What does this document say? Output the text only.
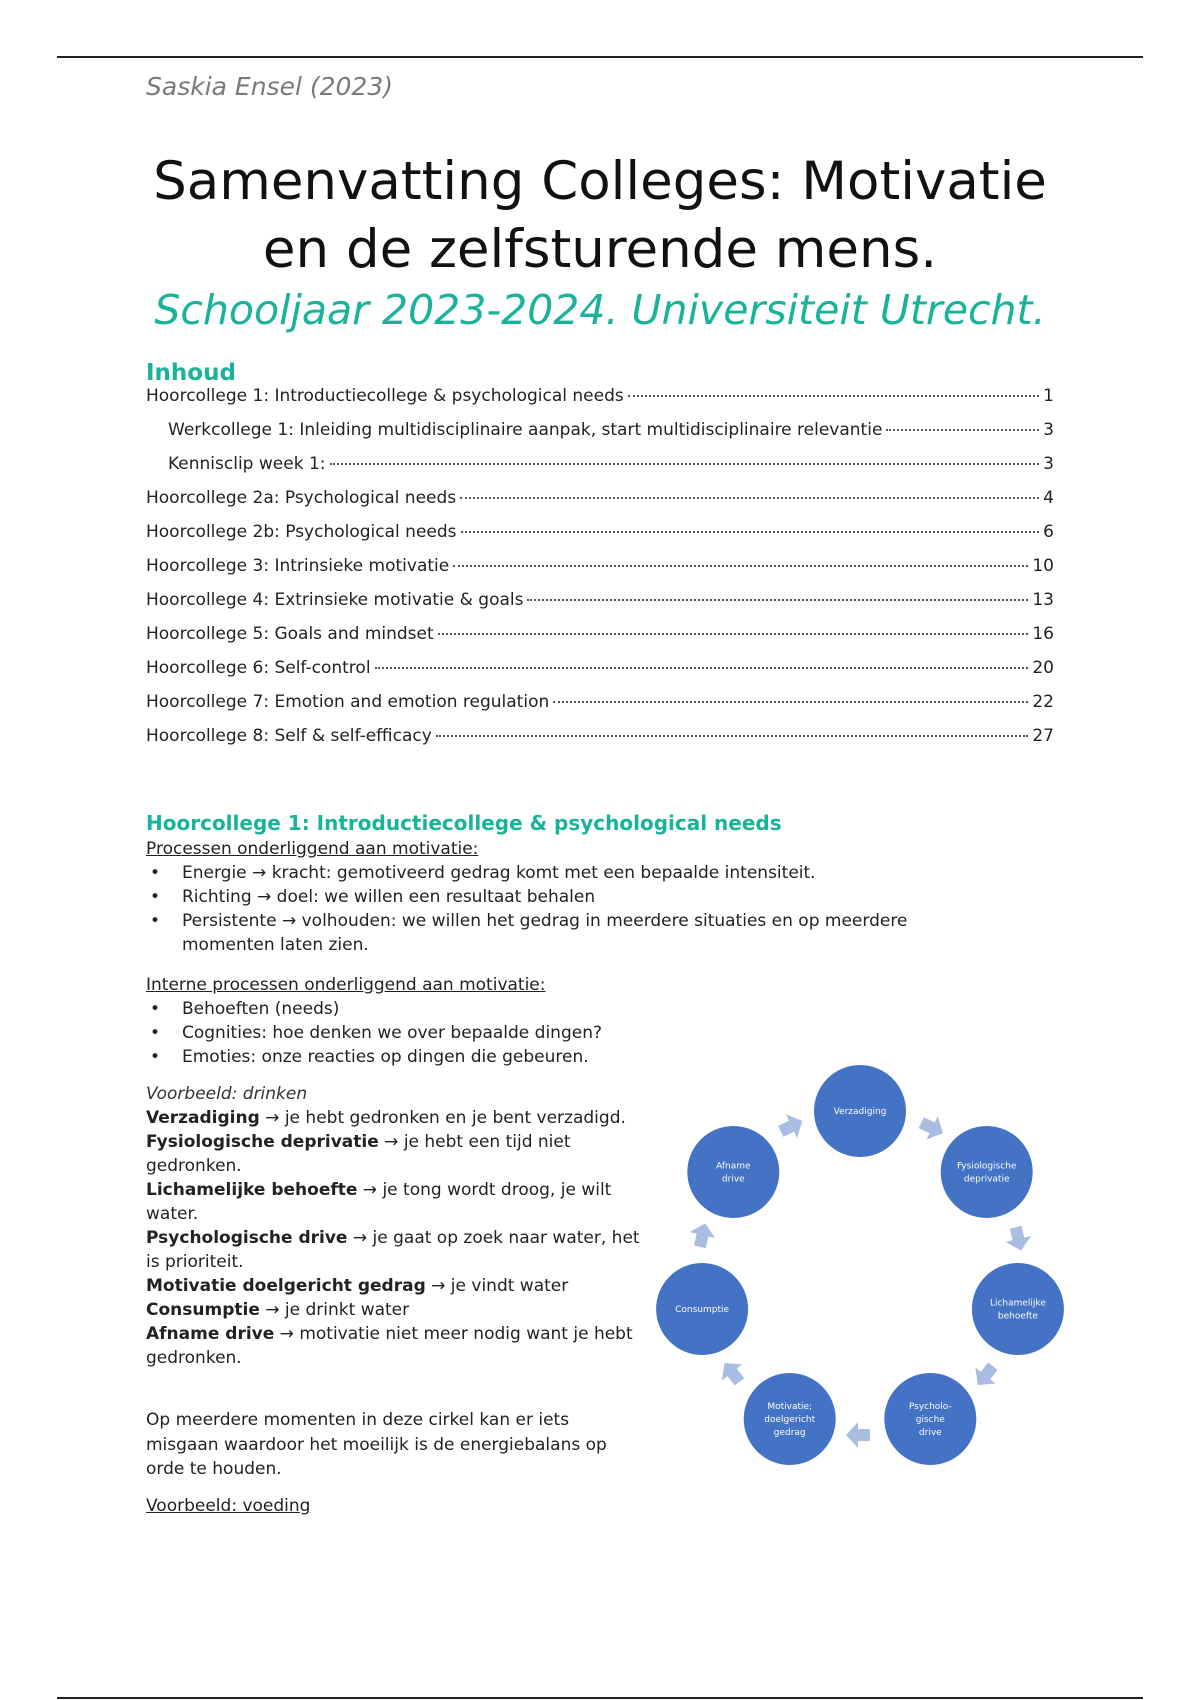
Saskia Ensel (2023)
Samenvatting Colleges: Motivatie
en de zelfsturende mens.
Schooljaar 2023-2024. Universiteit Utrecht.
Inhoud
Hoorcollege 1: Introductiecollege & psychological needs	1
Werkcollege 1: Inleiding multidisciplinaire aanpak, start multidisciplinaire relevantie	3
Kennisclip week 1:	3
Hoorcollege 2a: Psychological needs	4
Hoorcollege 2b: Psychological needs	6
Hoorcollege 3: Intrinsieke motivatie	10
Hoorcollege 4: Extrinsieke motivatie & goals	13
Hoorcollege 5: Goals and mindset	16
Hoorcollege 6: Self-control	20
Hoorcollege 7: Emotion and emotion regulation	22
Hoorcollege 8: Self & self-efficacy	27
Hoorcollege 1: Introductiecollege & psychological needs
Processen onderliggend aan motivatie:
• Energie → kracht: gemotiveerd gedrag komt met een bepaalde intensiteit.
• Richting → doel: we willen een resultaat behalen
• Persistente → volhouden: we willen het gedrag in meerdere situaties en op meerdere momenten laten zien.
Interne processen onderliggend aan motivatie:
• Behoeften (needs)
• Cognities: hoe denken we over bepaalde dingen?
• Emoties: onze reacties op dingen die gebeuren.
Voorbeeld: drinken
Verzadiging → je hebt gedronken en je bent verzadigd.
Fysiologische deprivatie → je hebt een tijd niet gedronken.
Lichamelijke behoefte → je tong wordt droog, je wilt water.
Psychologische drive → je gaat op zoek naar water, het is prioriteit.
Motivatie doelgericht gedrag → je vindt water
Consumptie → je drinkt water
Afname drive → motivatie niet meer nodig want je hebt gedronken.
Op meerdere momenten in deze cirkel kan er iets misgaan waardoor het moeilijk is de energiebalans op orde te houden.
Voorbeeld: voeding
Verzadiging
Fysiologische
deprivatie
Lichamelijke
behoefte
Psycholo-
gische
drive
Motivatie;
doelgericht
gedrag
Consumptie
Afname
drive
